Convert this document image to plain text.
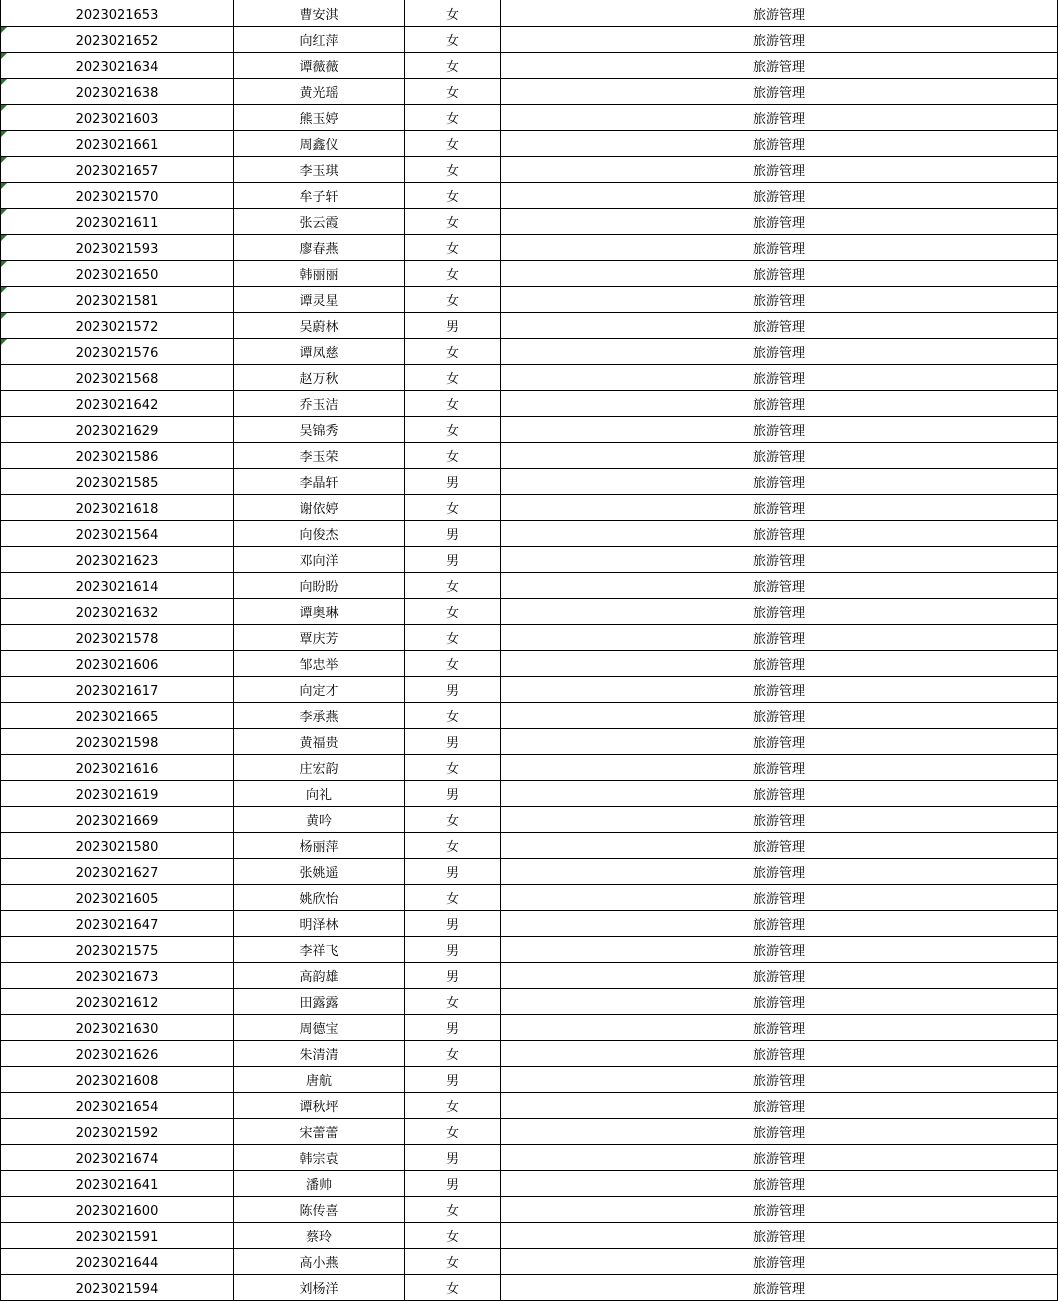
2023021653	曹安淇	女	旅游管理
2023021652	向红萍	女	旅游管理
2023021634	谭薇薇	女	旅游管理
2023021638	黄光瑶	女	旅游管理
2023021603	熊玉婷	女	旅游管理
2023021661	周鑫仪	女	旅游管理
2023021657	李玉琪	女	旅游管理
2023021570	牟子轩	女	旅游管理
2023021611	张云霞	女	旅游管理
2023021593	廖春燕	女	旅游管理
2023021650	韩丽丽	女	旅游管理
2023021581	谭灵星	女	旅游管理
2023021572	吴蔚林	男	旅游管理
2023021576	谭凤慈	女	旅游管理
2023021568	赵万秋	女	旅游管理
2023021642	乔玉洁	女	旅游管理
2023021629	吴锦秀	女	旅游管理
2023021586	李玉荣	女	旅游管理
2023021585	李晶轩	男	旅游管理
2023021618	谢依婷	女	旅游管理
2023021564	向俊杰	男	旅游管理
2023021623	邓向洋	男	旅游管理
2023021614	向盼盼	女	旅游管理
2023021632	谭奥琳	女	旅游管理
2023021578	覃庆芳	女	旅游管理
2023021606	邹忠举	女	旅游管理
2023021617	向定才	男	旅游管理
2023021665	李承燕	女	旅游管理
2023021598	黄福贵	男	旅游管理
2023021616	庄宏韵	女	旅游管理
2023021619	向礼	男	旅游管理
2023021669	黄吟	女	旅游管理
2023021580	杨丽萍	女	旅游管理
2023021627	张姚遥	男	旅游管理
2023021605	姚欣怡	女	旅游管理
2023021647	明泽林	男	旅游管理
2023021575	李祥飞	男	旅游管理
2023021673	高韵雄	男	旅游管理
2023021612	田露露	女	旅游管理
2023021630	周德宝	男	旅游管理
2023021626	朱清清	女	旅游管理
2023021608	唐航	男	旅游管理
2023021654	谭秋坪	女	旅游管理
2023021592	宋蕾蕾	女	旅游管理
2023021674	韩宗袁	男	旅游管理
2023021641	潘帅	男	旅游管理
2023021600	陈传喜	女	旅游管理
2023021591	蔡玲	女	旅游管理
2023021644	高小燕	女	旅游管理
2023021594	刘杨洋	女	旅游管理
